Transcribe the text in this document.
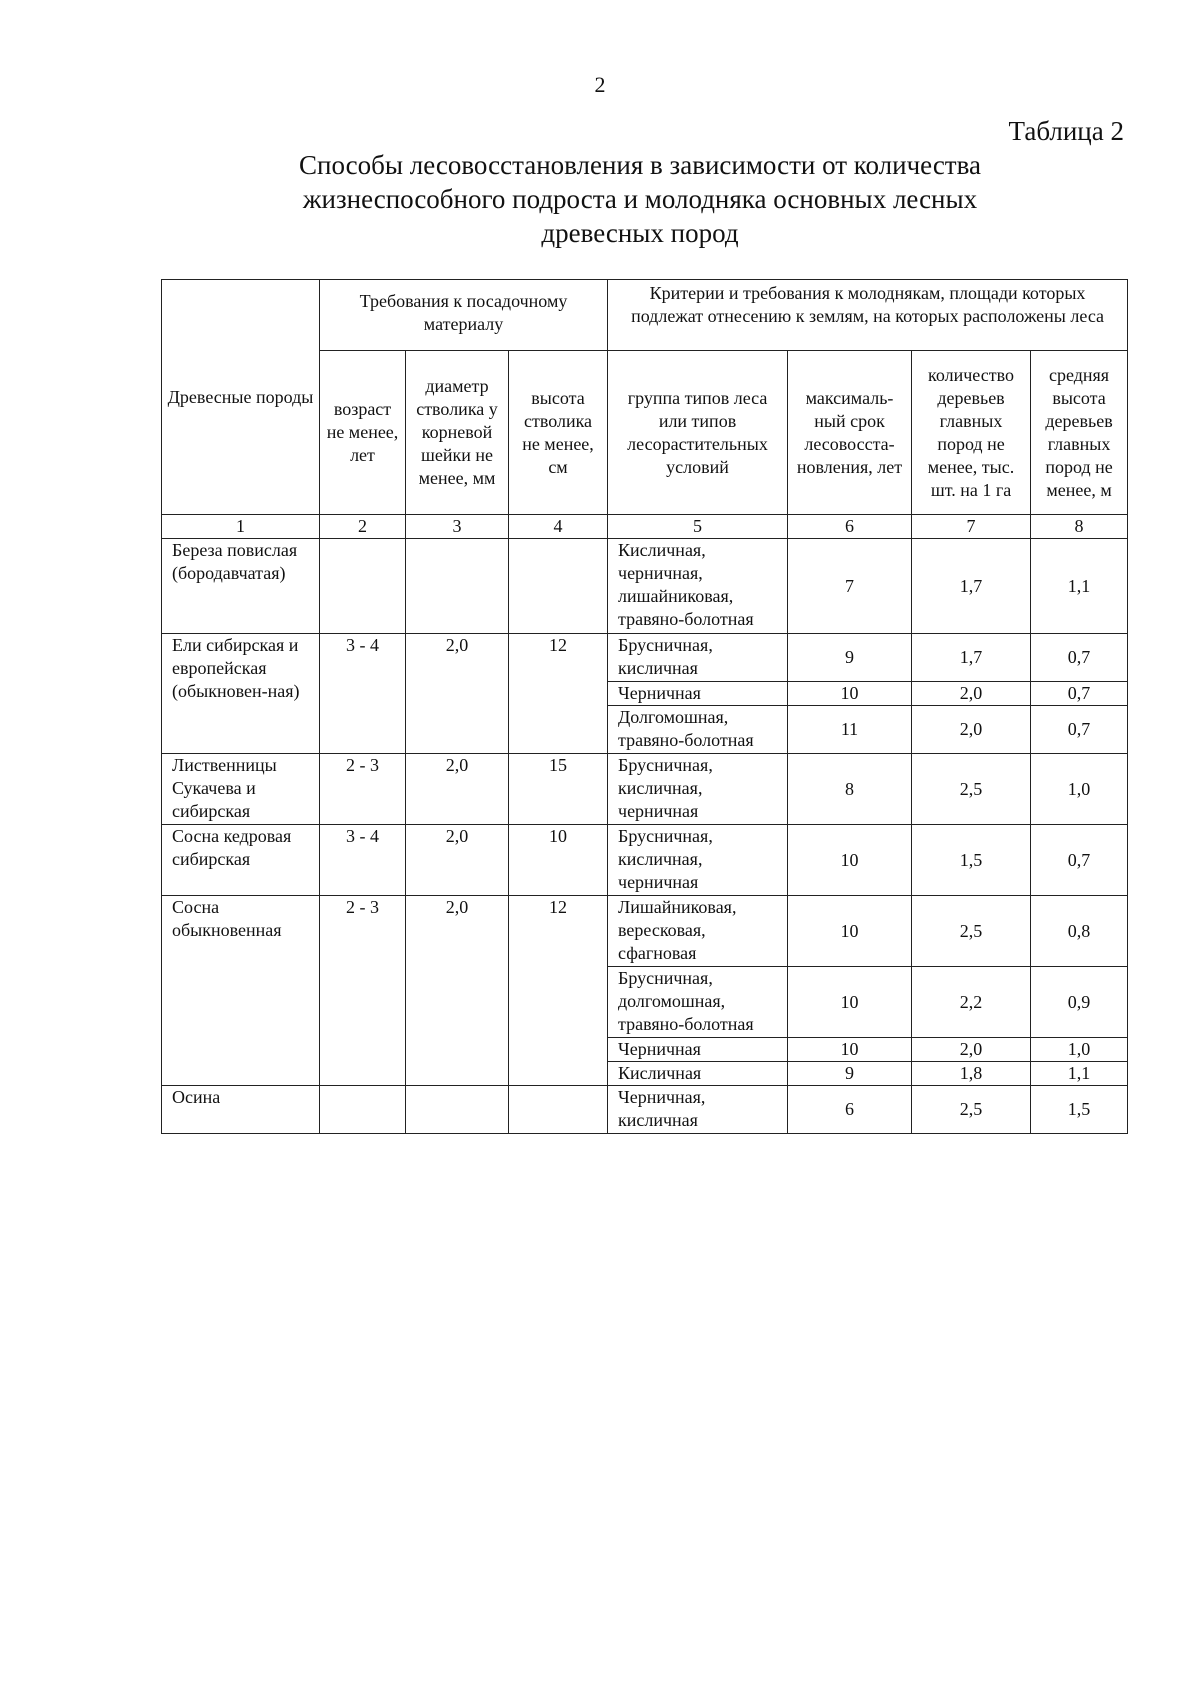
2
Таблица 2
Способы лесовосстановления в зависимости от количества
жизнеспособного подроста и молодняка основных лесных
древесных пород
Древесные породы	Требования к посадочному материалу			Критерии и требования к молоднякам, площади которых подлежат отнесению к землям, на которых расположены леса			
	возраст не менее, лет	диаметр стволика у корневой шейки не менее, мм	высота стволика не менее, см	группа типов леса или типов лесорастительных условий	максималь-ный срок лесовосста-новления, лет	количество деревьев главных пород не менее, тыс. шт. на 1 га	средняя высота деревьев главных пород не менее, м
1	2	3	4	5	6	7	8
Береза повислая (бородавчатая)				Кисличная, черничная, лишайниковая, травяно-болотная	7	1,7	1,1
Ели сибирская и европейская (обыкновен-ная)	3 - 4	2,0	12	Брусничная, кисличная	9	1,7	0,7
				Черничная	10	2,0	0,7
				Долгомошная, травяно-болотная	11	2,0	0,7
Лиственницы Сукачева и сибирская	2 - 3	2,0	15	Брусничная, кисличная, черничная	8	2,5	1,0
Сосна кедровая сибирская	3 - 4	2,0	10	Брусничная, кисличная, черничная	10	1,5	0,7
Сосна обыкновенная	2 - 3	2,0	12	Лишайниковая, вересковая, сфагновая	10	2,5	0,8
				Брусничная, долгомошная, травяно-болотная	10	2,2	0,9
				Черничная	10	2,0	1,0
				Кисличная	9	1,8	1,1
Осина				Черничная, кисличная	6	2,5	1,5
